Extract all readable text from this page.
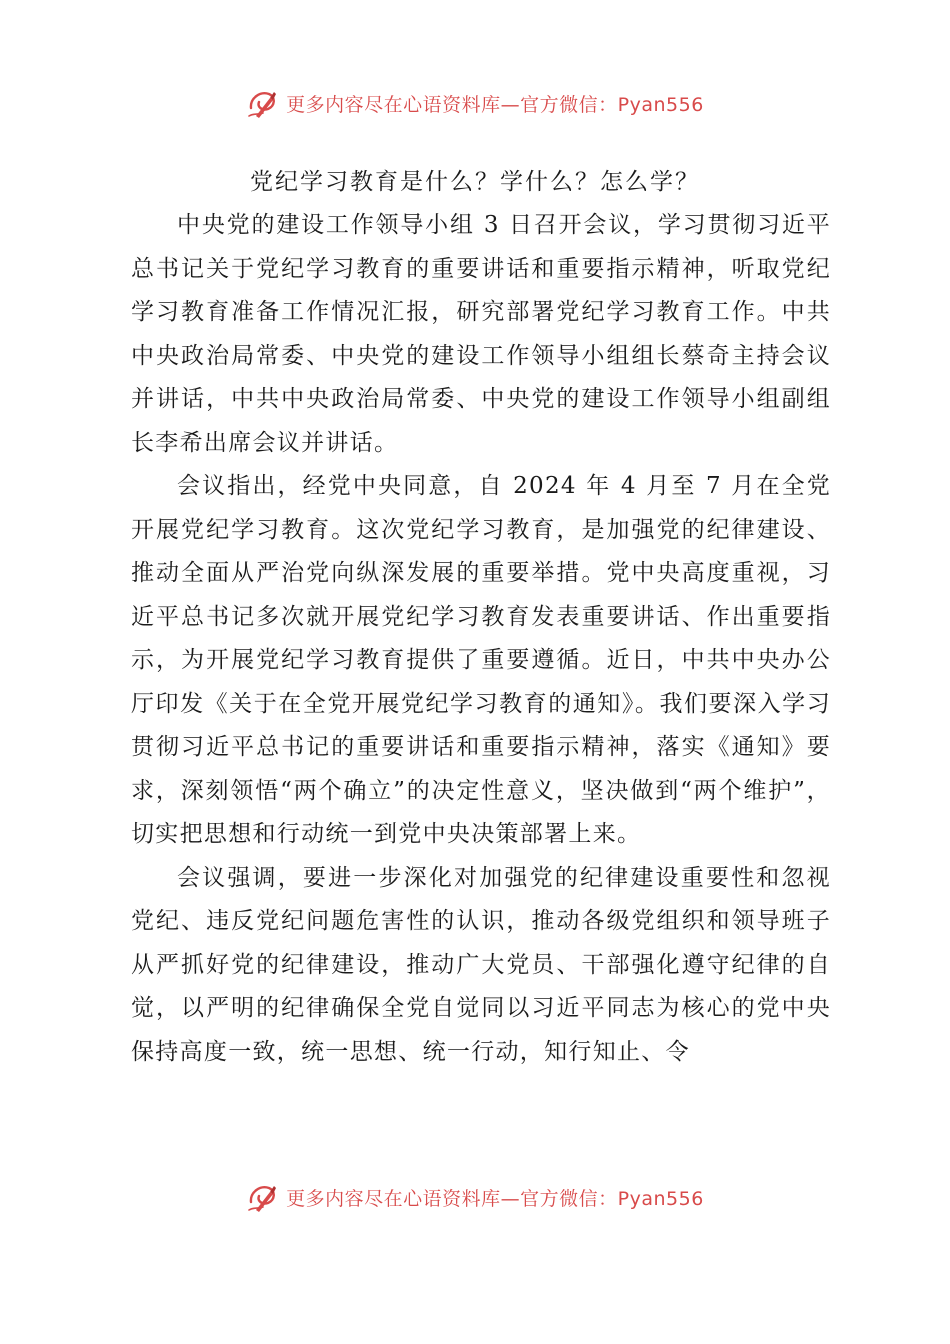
更多内容尽在心语资料库—官方微信：Pyan556
党纪学习教育是什么？学什么？怎么学？

中央党的建设工作领导小组 3 日召开会议，学习贯彻习近平总书记关于党纪学习教育的重要讲话和重要指示精神，听取党纪学习教育准备工作情况汇报，研究部署党纪学习教育工作。中共中央政治局常委、中央党的建设工作领导小组组长蔡奇主持会议并讲话，中共中央政治局常委、中央党的建设工作领导小组副组长李希出席会议并讲话。

会议指出，经党中央同意，自 2024 年 4 月至 7 月在全党开展党纪学习教育。这次党纪学习教育，是加强党的纪律建设、推动全面从严治党向纵深发展的重要举措。党中央高度重视，习近平总书记多次就开展党纪学习教育发表重要讲话、作出重要指示，为开展党纪学习教育提供了重要遵循。近日，中共中央办公厅印发《关于在全党开展党纪学习教育的通知》。我们要深入学习贯彻习近平总书记的重要讲话和重要指示精神，落实《通知》要求，深刻领悟“两个确立”的决定性意义，坚决做到“两个维护”，切实把思想和行动统一到党中央决策部署上来。

会议强调，要进一步深化对加强党的纪律建设重要性和忽视党纪、违反党纪问题危害性的认识，推动各级党组织和领导班子从严抓好党的纪律建设，推动广大党员、干部强化遵守纪律的自觉，以严明的纪律确保全党自觉同以习近平同志为核心的党中央保持高度一致，统一思想、统一行动，知行知止、令

更多内容尽在心语资料库—官方微信：Pyan556
